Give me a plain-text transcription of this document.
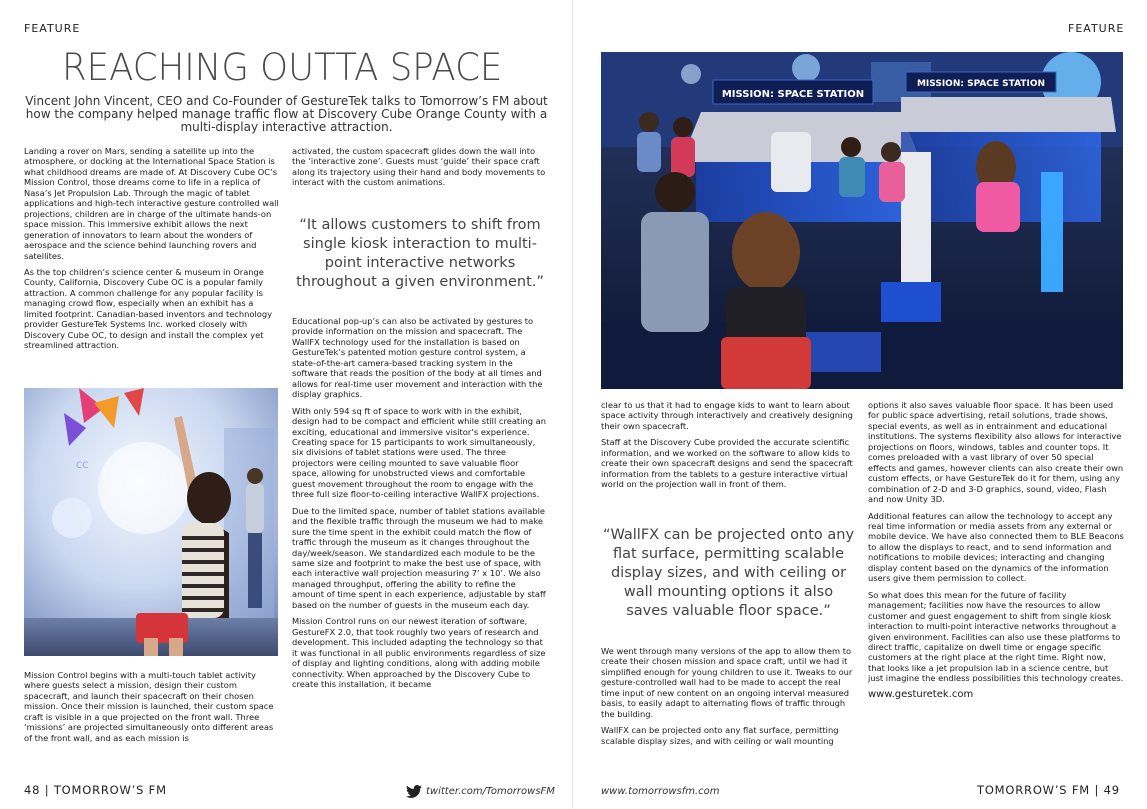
FEATURE
REACHING OUTTA SPACE
Vincent John Vincent, CEO and Co-Founder of GestureTek talks to Tomorrow’s FM about how the company helped manage traffic flow at Discovery Cube Orange County with a multi-display interactive attraction.

Landing a rover on Mars, sending a satellite up into the atmosphere, or docking at the International Space Station is what childhood dreams are made of. At Discovery Cube OC’s Mission Control, those dreams come to life in a replica of Nasa’s Jet Propulsion Lab. Through the magic of tablet applications and high-tech interactive gesture controlled wall projections, children are in charge of the ultimate hands-on space mission. This immersive exhibit allows the next generation of innovators to learn about the wonders of aerospace and the science behind launching rovers and satellites.

As the top children’s science center & museum in Orange County, California, Discovery Cube OC is a popular family attraction. A common challenge for any popular facility is managing crowd flow, especially when an exhibit has a limited footprint. Canadian-based inventors and technology provider GestureTek Systems Inc. worked closely with Discovery Cube OC, to design and install the complex yet streamlined attraction.

CC

Mission Control begins with a multi-touch tablet activity where guests select a mission, design their custom spacecraft, and launch their spacecraft on their chosen mission. Once their mission is launched, their custom space craft is visible in a que projected on the front wall. Three ‘missions’ are projected simultaneously onto different areas of the front wall, and as each mission is

activated, the custom spacecraft glides down the wall into the ‘interactive zone’. Guests must ‘guide’ their space craft along its trajectory using their hand and body movements to interact with the custom animations.

“It allows customers to shift from single kiosk interaction to multi-point interactive networks throughout a given environment.”

Educational pop-up’s can also be activated by gestures to provide information on the mission and spacecraft. The WallFX technology used for the installation is based on GestureTek’s patented motion gesture control system, a state-of-the-art camera-based tracking system in the software that reads the position of the body at all times and allows for real-time user movement and interaction with the display graphics.

With only 594 sq ft of space to work with in the exhibit, design had to be compact and efficient while still creating an exciting, educational and immersive visitor’s experience. Creating space for 15 participants to work simultaneously, six divisions of tablet stations were used. The three projectors were ceiling mounted to save valuable floor space, allowing for unobstructed views and comfortable guest movement throughout the room to engage with the three full size floor-to-ceiling interactive WallFX projections.

Due to the limited space, number of tablet stations available and the flexible traffic through the museum we had to make sure the time spent in the exhibit could match the flow of traffic through the museum as it changes throughout the day/week/season. We standardized each module to be the same size and footprint to make the best use of space, with each interactive wall projection measuring 7’ x 10’. We also managed throughput, offering the ability to refine the amount of time spent in each experience, adjustable by staff based on the number of guests in the museum each day.

Mission Control runs on our newest iteration of software, GestureFX 2.0, that took roughly two years of research and development. This included adapting the technology so that it was functional in all public environments regardless of size of display and lighting conditions, along with adding mobile connectivity. When approached by the Discovery Cube to create this installation, it became

48 | TOMORROW’S FM	twitter.com/TomorrowsFM
FEATURE
MISSION: SPACE STATION
MISSION: SPACE STATION

clear to us that it had to engage kids to want to learn about space activity through interactively and creatively designing their own spacecraft.

Staff at the Discovery Cube provided the accurate scientific information, and we worked on the software to allow kids to create their own spacecraft designs and send the spacecraft information from the tablets to a gesture interactive virtual world on the projection wall in front of them.

“WallFX can be projected onto any flat surface, permitting scalable display sizes, and with ceiling or wall mounting options it also saves valuable floor space.”

We went through many versions of the app to allow them to create their chosen mission and space craft, until we had it simplified enough for young children to use it. Tweaks to our gesture-controlled wall had to be made to accept the real time input of new content on an ongoing interval measured basis, to easily adapt to alternating flows of traffic through the building.

WallFX can be projected onto any flat surface, permitting scalable display sizes, and with ceiling or wall mounting

options it also saves valuable floor space. It has been used for public space advertising, retail solutions, trade shows, special events, as well as in entrainment and educational institutions. The systems flexibility also allows for interactive projections on floors, windows, tables and counter tops. It comes preloaded with a vast library of over 50 special effects and games, however clients can also create their own custom effects, or have GestureTek do it for them, using any combination of 2-D and 3-D graphics, sound, video, Flash and now Unity 3D.

Additional features can allow the technology to accept any real time information or media assets from any external or mobile device. We have also connected them to BLE Beacons to allow the displays to react, and to send information and notifications to mobile devices; interacting and changing display content based on the dynamics of the information users give them permission to collect.

So what does this mean for the future of facility management; facilities now have the resources to allow customer and guest engagement to shift from single kiosk interaction to multi-point interactive networks throughout a given environment. Facilities can also use these platforms to direct traffic, capitalize on dwell time or engage specific customers at the right place at the right time. Right now, that looks like a jet propulsion lab in a science centre, but just imagine the endless possibilities this technology creates.

www.gesturetek.com

www.tomorrowsfm.com	TOMORROW’S FM | 49
